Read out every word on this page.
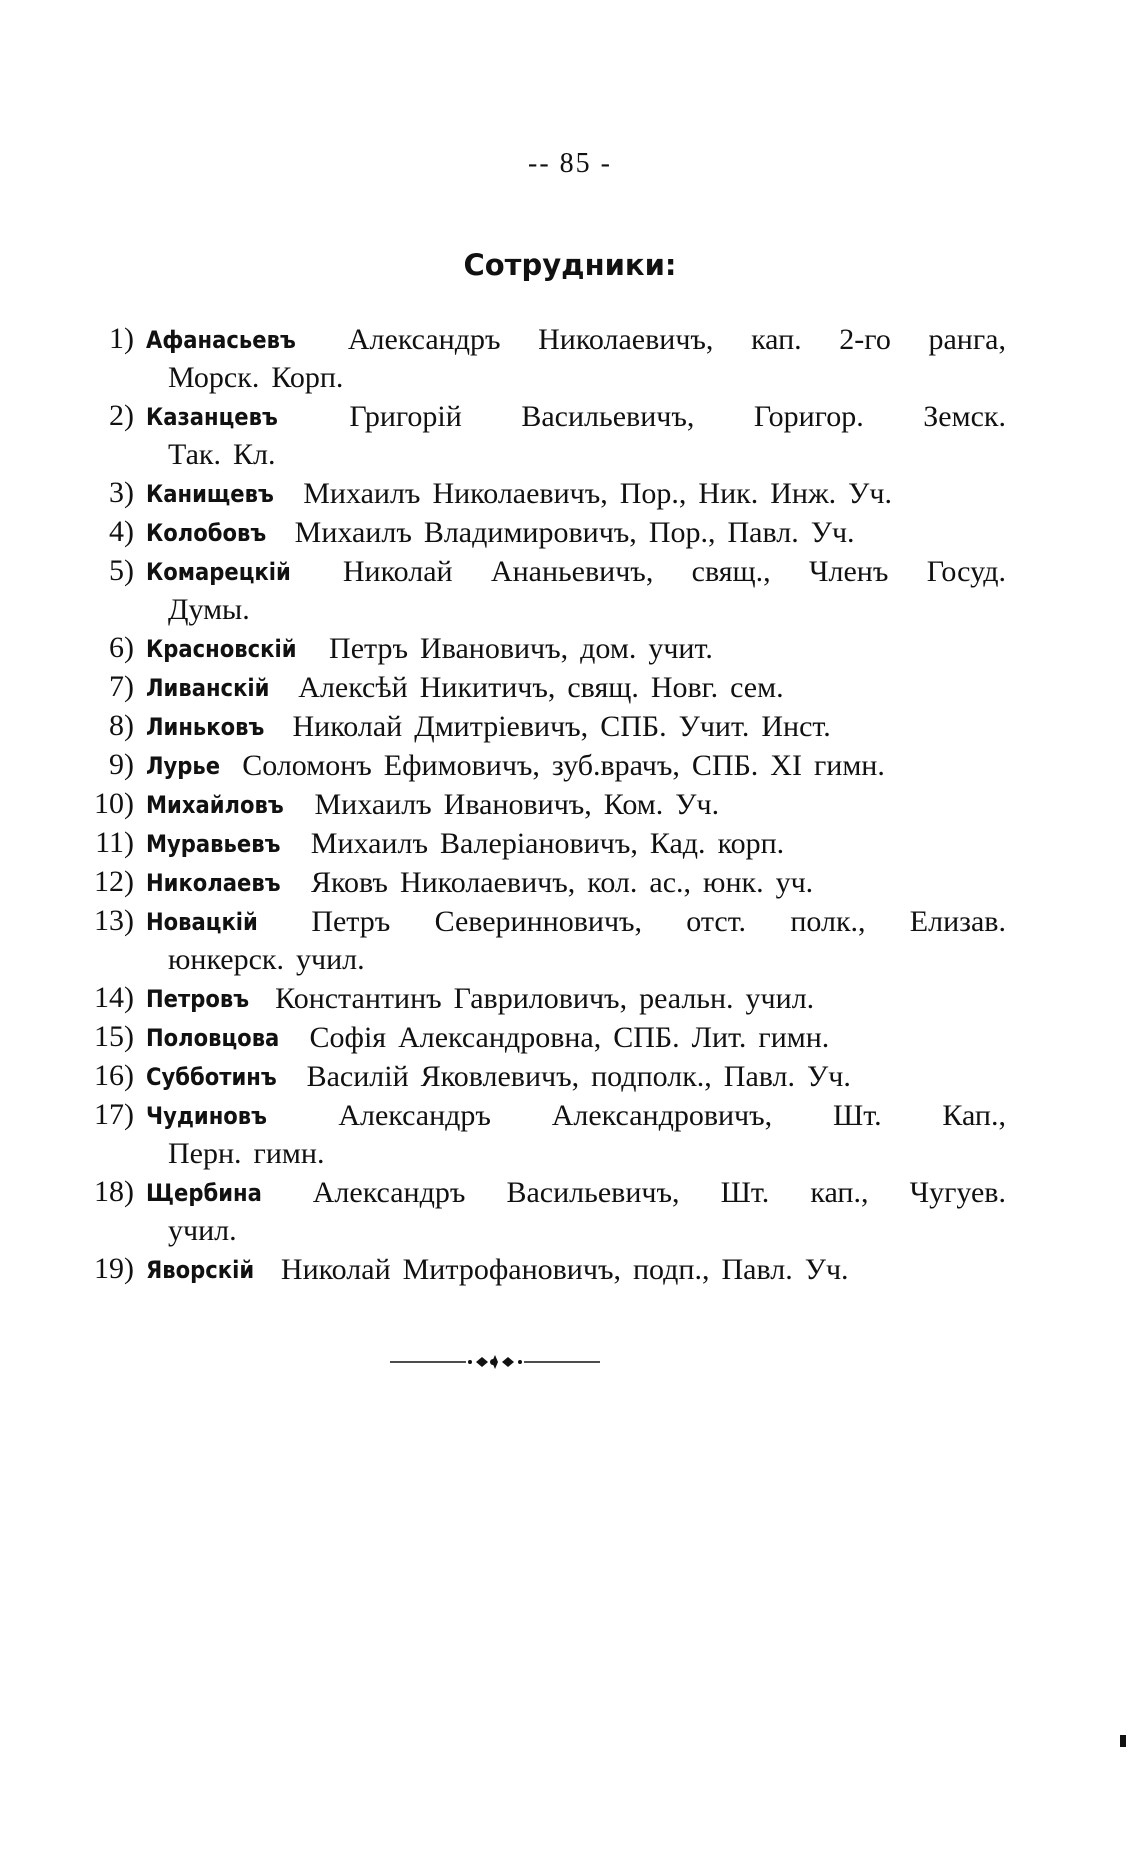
-- 85 -
Сотрудники:
1) Афанасьевъ Александръ Николаевичъ, кап. 2-го ранга,
Морск. Корп.
2) Казанцевъ Григорій Васильевичъ, Горигор. Земск.
Так. Кл.
3) Канищевъ Михаилъ Николаевичъ, Пор., Ник. Инж. Уч.
4) Колобовъ Михаилъ Владимировичъ, Пор., Павл. Уч.
5) Комарецкій Николай Ананьевичъ, свящ., Членъ Госуд.
Думы.
6) Красновскій Петръ Ивановичъ, дом. учит.
7) Ливанскій Алексѣй Никитичъ, свящ. Новг. сем.
8) Линьковъ Николай Дмитріевичъ, СПБ. Учит. Инст.
9) Лурье Соломонъ Ефимовичъ, зуб.врачъ, СПБ. XI гимн.
10) Михайловъ Михаилъ Ивановичъ, Ком. Уч.
11) Муравьевъ Михаилъ Валеріановичъ, Кад. корп.
12) Николаевъ Яковъ Николаевичъ, кол. ас., юнк. уч.
13) Новацкій Петръ Северинновичъ, отст. полк., Елизав.
юнкерск. учил.
14) Петровъ Константинъ Гавриловичъ, реальн. учил.
15) Половцова Софія Александровна, СПБ. Лит. гимн.
16) Субботинъ Василій Яковлевичъ, подполк., Павл. Уч.
17) Чудиновъ Александръ Александровичъ, Шт. Кап.,
Перн. гимн.
18) Щербина Александръ Васильевичъ, Шт. кап., Чугуев.
учил.
19) Яворскій Николай Митрофановичъ, подп., Павл. Уч.
